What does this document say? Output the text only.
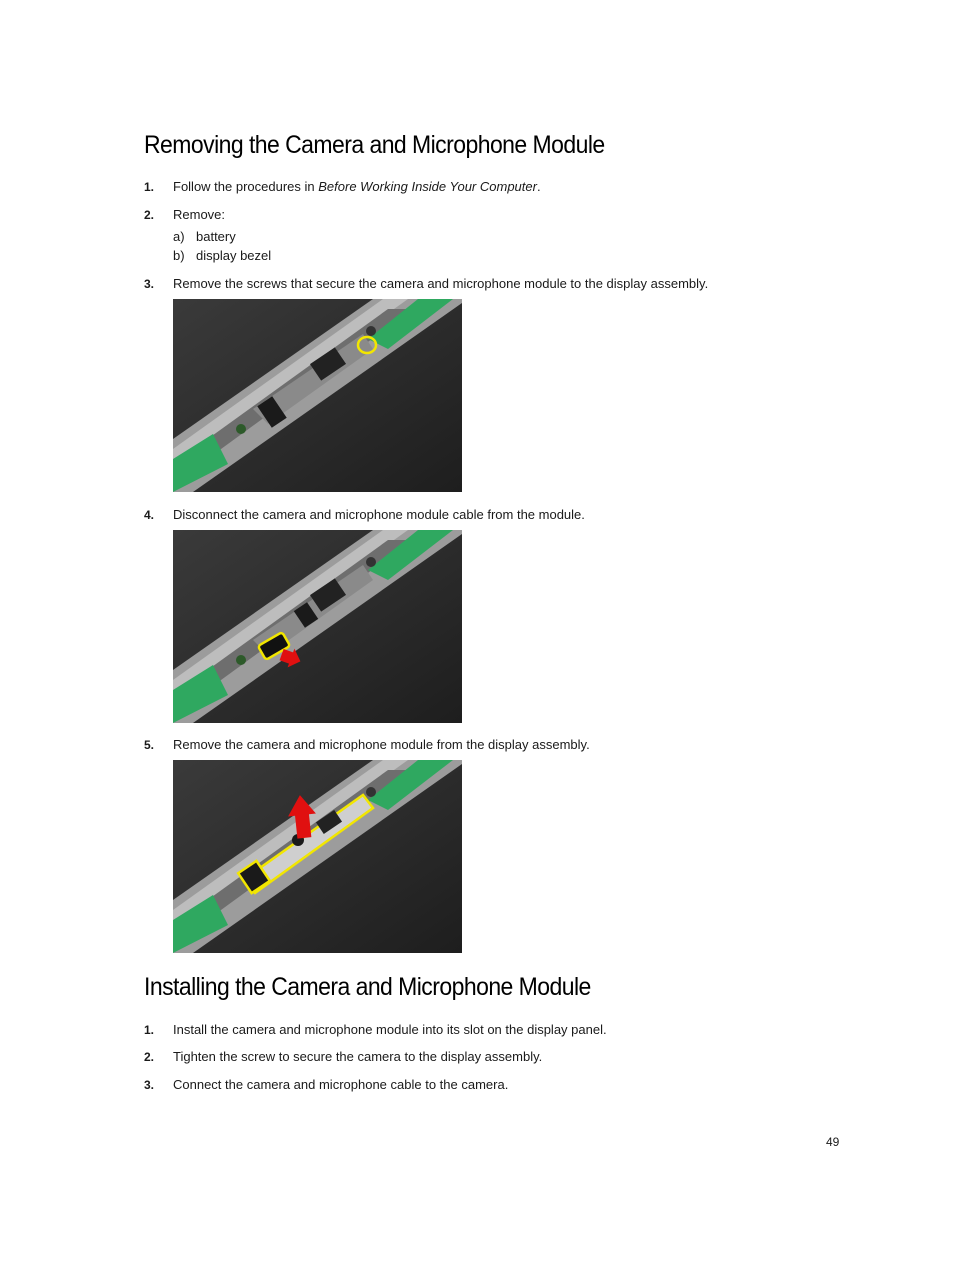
Removing the Camera and Microphone Module
1. Follow the procedures in Before Working Inside Your Computer.
2. Remove:
a) battery
b) display bezel
3. Remove the screws that secure the camera and microphone module to the display assembly.
4. Disconnect the camera and microphone module cable from the module.
5. Remove the camera and microphone module from the display assembly.
Installing the Camera and Microphone Module
1. Install the camera and microphone module into its slot on the display panel.
2. Tighten the screw to secure the camera to the display assembly.
3. Connect the camera and microphone cable to the camera.
49
